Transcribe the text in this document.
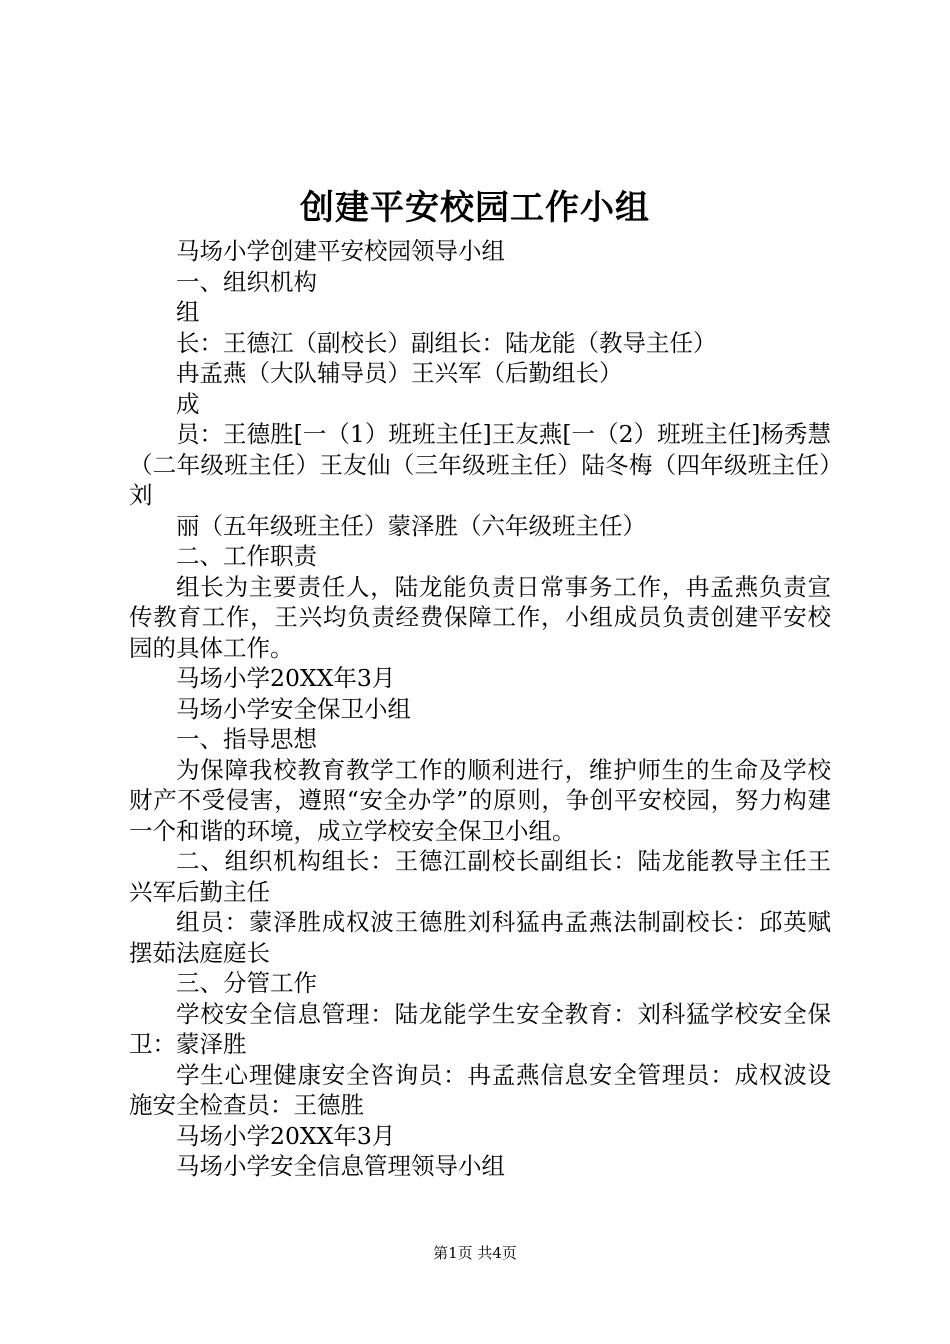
创建平安校园工作小组

马场小学创建平安校园领导小组

一、组织机构

组

长：王德江（副校长）副组长：陆龙能（教导主任）

冉孟燕（大队辅导员）王兴军（后勤组长）

成

员：王德胜[一（1）班班主任]王友燕[一（2）班班主任]杨秀慧（二年级班主任）王友仙（三年级班主任）陆冬梅（四年级班主任）刘

丽（五年级班主任）蒙泽胜（六年级班主任）

二、工作职责

组长为主要责任人，陆龙能负责日常事务工作，冉孟燕负责宣传教育工作，王兴均负责经费保障工作，小组成员负责创建平安校园的具体工作。

马场小学20XX年3月

马场小学安全保卫小组

一、指导思想

为保障我校教育教学工作的顺利进行，维护师生的生命及学校财产不受侵害，遵照“安全办学”的原则，争创平安校园，努力构建一个和谐的环境，成立学校安全保卫小组。

二、组织机构组长：王德江副校长副组长：陆龙能教导主任王兴军后勤主任

组员：蒙泽胜成权波王德胜刘科猛冉孟燕法制副校长：邱英赋摆茹法庭庭长

三、分管工作

学校安全信息管理：陆龙能学生安全教育：刘科猛学校安全保卫：蒙泽胜

学生心理健康安全咨询员：冉孟燕信息安全管理员：成权波设施安全检查员：王德胜

马场小学20XX年3月

马场小学安全信息管理领导小组

第1页 共4页
